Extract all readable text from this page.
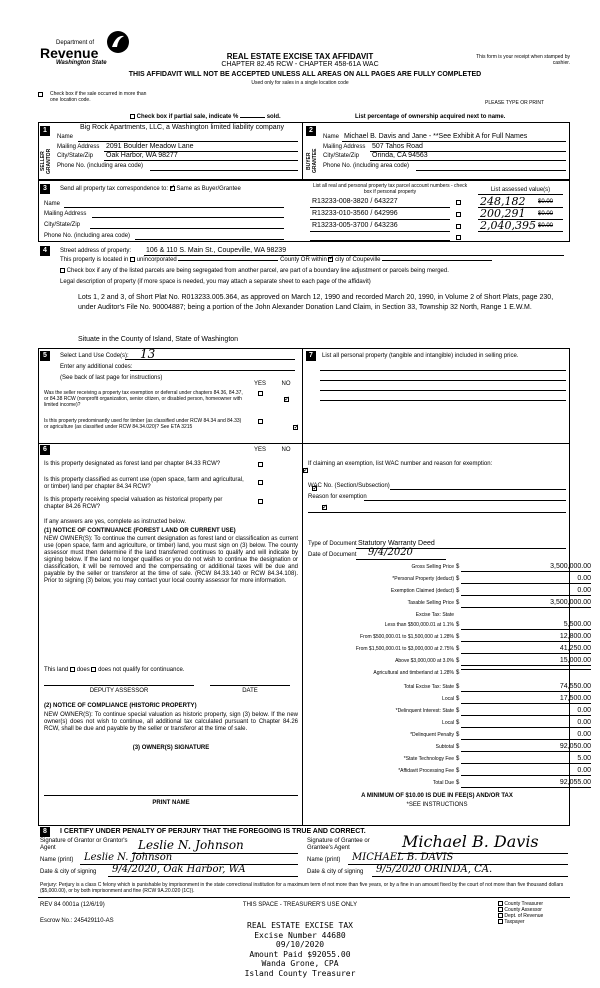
Department of
Revenue
Washington State
REAL ESTATE EXCISE TAX AFFIDAVIT
CHAPTER 82.45 RCW - CHAPTER 458-61A WAC
This form is your receipt when stamped by cashier.
THIS AFFIDAVIT WILL NOT BE ACCEPTED UNLESS ALL AREAS ON ALL PAGES ARE FULLY COMPLETED
Used only for sales in a single location code
Check box if the sale occurred in more than one location code.	PLEASE TYPE OR PRINT
Check box if partial sale, indicate %	sold.	List percentage of ownership acquired next to name.
1
SELLER GRANTOR
Name
Big Rock Apartments, LLC, a Washington limited liability company
Mailing Address 2091 Boulder Meadow Lane
City/State/Zip Oak Harbor, WA 98277
Phone No. (including area code)
2
BUYER GRANTEE
Name Michael B. Davis and Jane - **See Exhibit A for Full Names
Mailing Address 507 Tahos Road
City/State/Zip Orinda, CA 94563
Phone No. (including area code)
3	Send all property tax correspondence to: ✓ Same as Buyer/Grantee
Name
Mailing Address
City/State/Zip
Phone No. (including area code)
List all real and personal property tax parcel account numbers - check box if personal property	List assessed value(s)
R13233-008-3820 / 643227	248,182 $0.00
R13233-010-3560 / 642996	200,291 $0.00
R13233-005-3700 / 643236	2,040,395 $0.00
4	Street address of property: 106 & 110 S. Main St., Coupeville, WA 98239
This property is located in unincorporated	County OR within ✓ city of Coupeville
Check box if any of the listed parcels are being segregated from another parcel, are part of a boundary line adjustment or parcels being merged.
Legal description of property (if more space is needed, you may attach a separate sheet to each page of the affidavit)
Lots 1, 2 and 3, of Short Plat No. R013233.005.364, as approved on March 12, 1990 and recorded March 20, 1990, in Volume 2 of Short Plats, page 230, under Auditor's File No. 90004887; being a portion of the John Alexander Donation Land Claim, in Section 33, Township 32 North, Range 1 E.W.M.
Situate in the County of Island, State of Washington
5	Select Land Use Code(s): 13
Enter any additional codes:
(See back of last page for instructions)
YES	NO
Was the seller receiving a property tax exemption or deferral under chapters 84.36, 84.37, or 84.38 RCW (nonprofit organization, senior citizen, or disabled person, homeowner with limited income)?
✓
Is this property predominantly used for timber (as classified under RCW 84.34 and 84.33) or agriculture (as classified under RCW 84.34.020)? See ETA 3215
✓
6	YES	NO
Is this property designated as forest land per chapter 84.33 RCW?
✓
Is this property classified as current use (open space, farm and agricultural, or timber) land per chapter 84.34 RCW?
✓
Is this property receiving special valuation as historical property per chapter 84.26 RCW?
✓
If any answers are yes, complete as instructed below.
(1) NOTICE OF CONTINUANCE (FOREST LAND OR CURRENT USE)
NEW OWNER(S): To continue the current designation as forest land or classification as current use (open space, farm and agriculture, or timber) land, you must sign on (3) below. The county assessor must then determine if the land transferred continues to qualify and will indicate by signing below. If the land no longer qualifies or you do not wish to continue the designation or classification, it will be removed and the compensating or additional taxes will be due and payable by the seller or transferor at the time of sale. (RCW 84.33.140 or RCW 84.34.108). Prior to signing (3) below, you may contact your local county assessor for more information.
This land does does not qualify for continuance.
DEPUTY ASSESSOR	DATE
(2) NOTICE OF COMPLIANCE (HISTORIC PROPERTY)
NEW OWNER(S): To continue special valuation as historic property, sign (3) below. If the new owner(s) does not wish to continue, all additional tax calculated pursuant to Chapter 84.26 RCW, shall be due and payable by the seller or transferor at the time of sale.
(3) OWNER(S) SIGNATURE
PRINT NAME
7	List all personal property (tangible and intangible) included in selling price.
If claiming an exemption, list WAC number and reason for exemption:
WAC No. (Section/Subsection)
Reason for exemption
Type of Document Statutory Warranty Deed
Date of Document 9/4/2020
Gross Selling Price $	3,500,000.00
*Personal Property (deduct) $	0.00
Exemption Claimed (deduct) $	0.00
Taxable Selling Price $	3,500,000.00
Excise Tax: State
Less than $500,000.01 at 1.1% $	5,500.00
From $500,000.01 to $1,500,000 at 1.28% $	12,800.00
From $1,500,000.01 to $3,000,000 at 2.75% $	41,250.00
Above $3,000,000 at 3.0% $	15,000.00
Agricultural and timberland at 1.28% $
Total Excise Tax: State $	74,550.00
Local $	17,500.00
*Delinquent Interest: State $	0.00
Local $	0.00
*Delinquent Penalty $	0.00
Subtotal $	92,050.00
*State Technology Fee $	5.00
*Affidavit Processing Fee $	0.00
Total Due $	92,055.00
A MINIMUM OF $10.00 IS DUE IN FEE(S) AND/OR TAX
*SEE INSTRUCTIONS
8	I CERTIFY UNDER PENALTY OF PERJURY THAT THE FOREGOING IS TRUE AND CORRECT.
Signature of Grantor or Grantor's Agent	Leslie N. Johnson
Name (print) Leslie N. Johnson
Date & city of signing 9/4/2020, Oak Harbor, WA
Signature of Grantee or Grantee's Agent	Michael B. Davis
Name (print) MICHAEL B. DAVIS
Date & city of signing 9/5/2020 ORINDA, CA.
Perjury: Perjury is a class C felony which is punishable by imprisonment in the state correctional institution for a maximum term of not more than five years, or by a fine in an amount fixed by the court of not more than five thousand dollars ($5,000.00), or by both imprisonment and fine (RCW 9A.20.020 (1C)).
REV 84 0001a (12/6/19)	THIS SPACE - TREASURER'S USE ONLY
Escrow No.: 245429110-AS
County Treasurer
County Assessor
Dept. of Revenue
Taxpayer
REAL ESTATE EXCISE TAX
Excise Number 44680
09/10/2020
Amount Paid $92055.00
Wanda Grone, CPA
Island County Treasurer
